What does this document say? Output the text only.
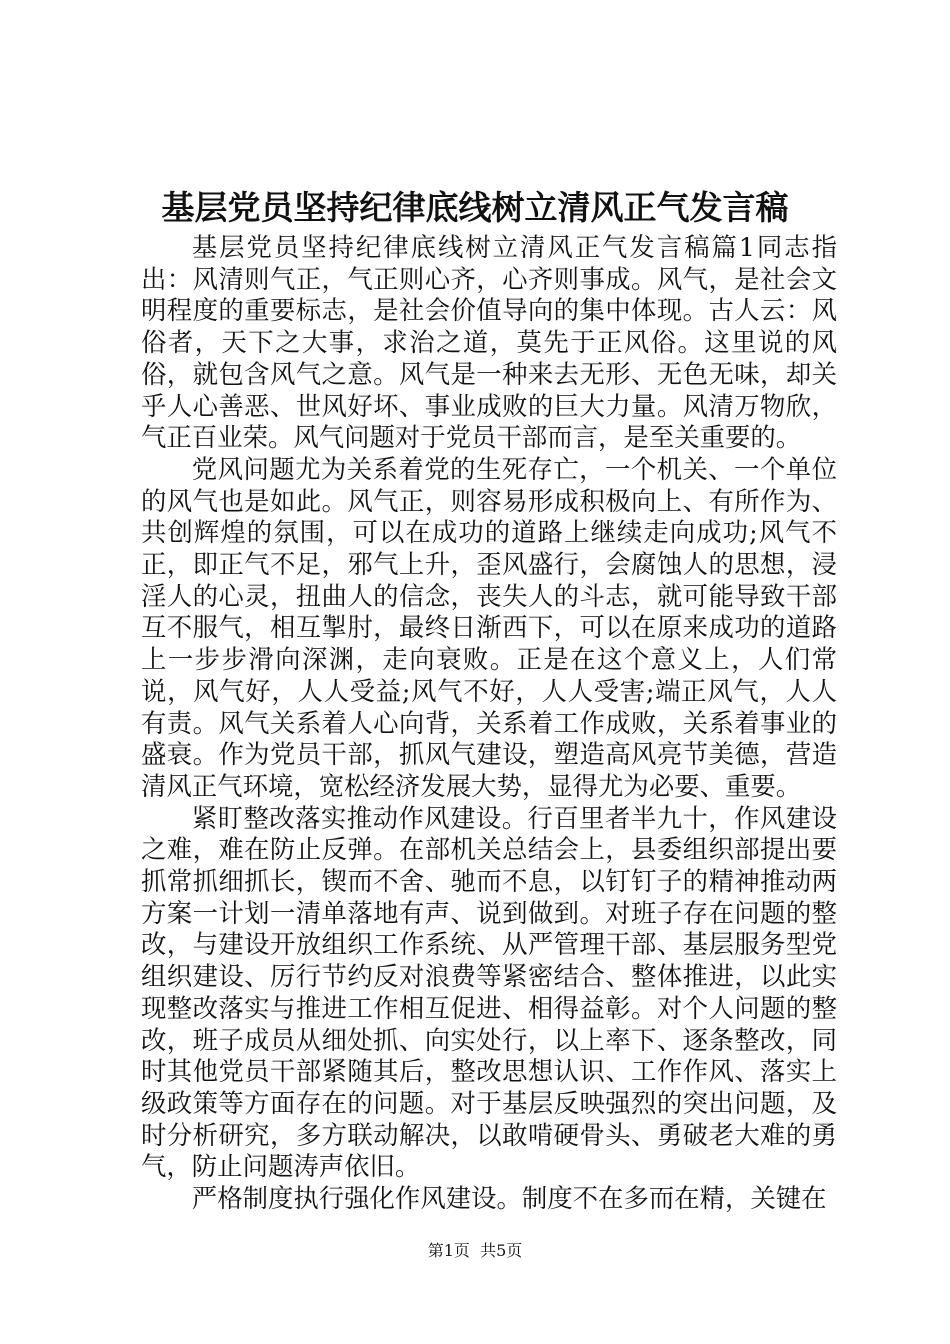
基层党员坚持纪律底线树立清风正气发言稿

基层党员坚持纪律底线树立清风正气发言稿篇1同志指出：风清则气正，气正则心齐，心齐则事成。风气，是社会文明程度的重要标志，是社会价值导向的集中体现。古人云：风俗者，天下之大事，求治之道，莫先于正风俗。这里说的风俗，就包含风气之意。风气是一种来去无形、无色无味，却关乎人心善恶、世风好坏、事业成败的巨大力量。风清万物欣，气正百业荣。风气问题对于党员干部而言，是至关重要的。

党风问题尤为关系着党的生死存亡，一个机关、一个单位的风气也是如此。风气正，则容易形成积极向上、有所作为、共创辉煌的氛围，可以在成功的道路上继续走向成功;风气不正，即正气不足，邪气上升，歪风盛行，会腐蚀人的思想，浸淫人的心灵，扭曲人的信念，丧失人的斗志，就可能导致干部互不服气，相互掣肘，最终日渐西下，可以在原来成功的道路上一步步滑向深渊，走向衰败。正是在这个意义上，人们常说，风气好，人人受益;风气不好，人人受害;端正风气，人人有责。风气关系着人心向背，关系着工作成败，关系着事业的盛衰。作为党员干部，抓风气建设，塑造高风亮节美德，营造清风正气环境，宽松经济发展大势，显得尤为必要、重要。

紧盯整改落实推动作风建设。行百里者半九十，作风建设之难，难在防止反弹。在部机关总结会上，县委组织部提出要抓常抓细抓长，锲而不舍、驰而不息，以钉钉子的精神推动两方案一计划一清单落地有声、说到做到。对班子存在问题的整改，与建设开放组织工作系统、从严管理干部、基层服务型党组织建设、厉行节约反对浪费等紧密结合、整体推进，以此实现整改落实与推进工作相互促进、相得益彰。对个人问题的整改，班子成员从细处抓、向实处行，以上率下、逐条整改，同时其他党员干部紧随其后，整改思想认识、工作作风、落实上级政策等方面存在的问题。对于基层反映强烈的突出问题，及时分析研究，多方联动解决，以敢啃硬骨头、勇破老大难的勇气，防止问题涛声依旧。

严格制度执行强化作风建设。制度不在多而在精，关键在

第1页 共5页
